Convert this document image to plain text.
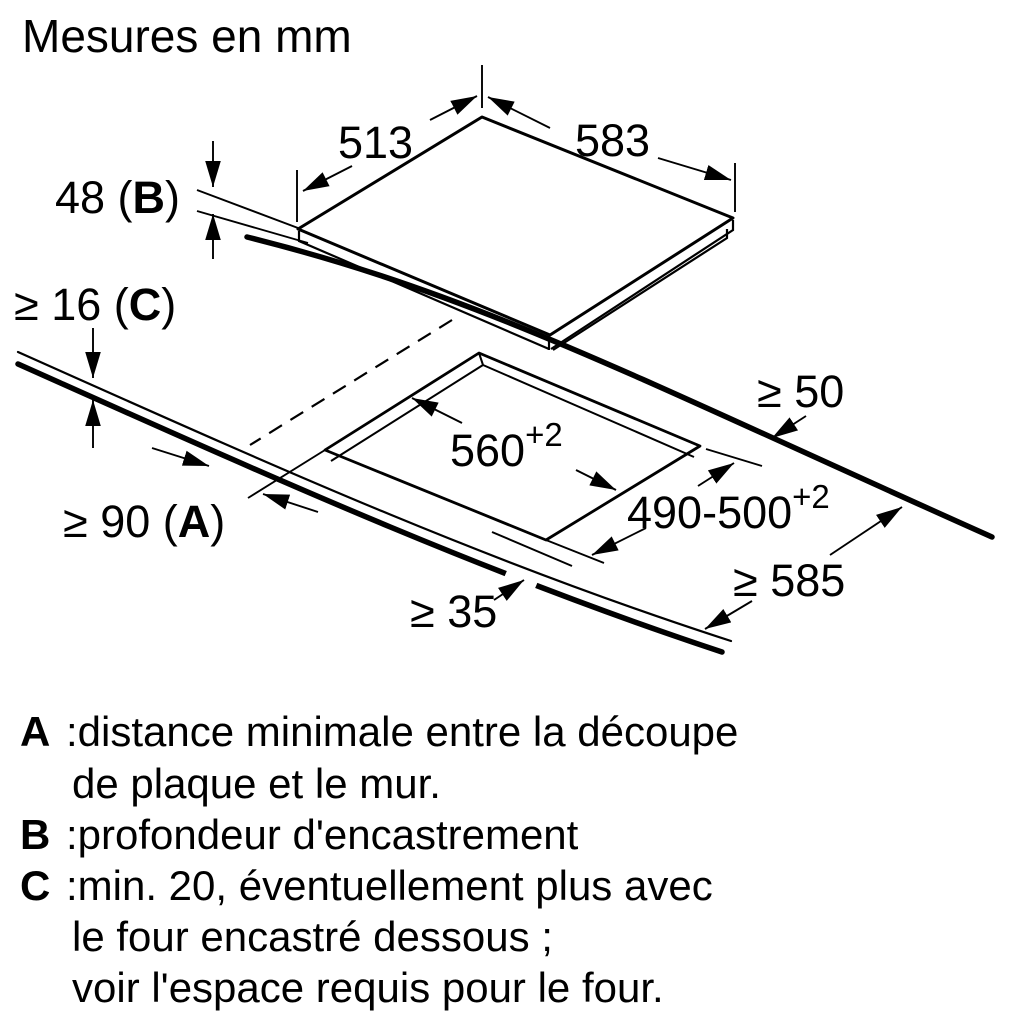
Mesures en mm
513	583
48 (B)
≥ 16 (C)
≥ 90 (A)
≥ 50
$560^{+2}$
$490-500^{+2}$
≥ 585
≥ 35
A :distance minimale entre la découpe
de plaque et le mur.
B :profondeur d'encastrement
C :min. 20, éventuellement plus avec
le four encastré dessous ;
voir l'espace requis pour le four.
